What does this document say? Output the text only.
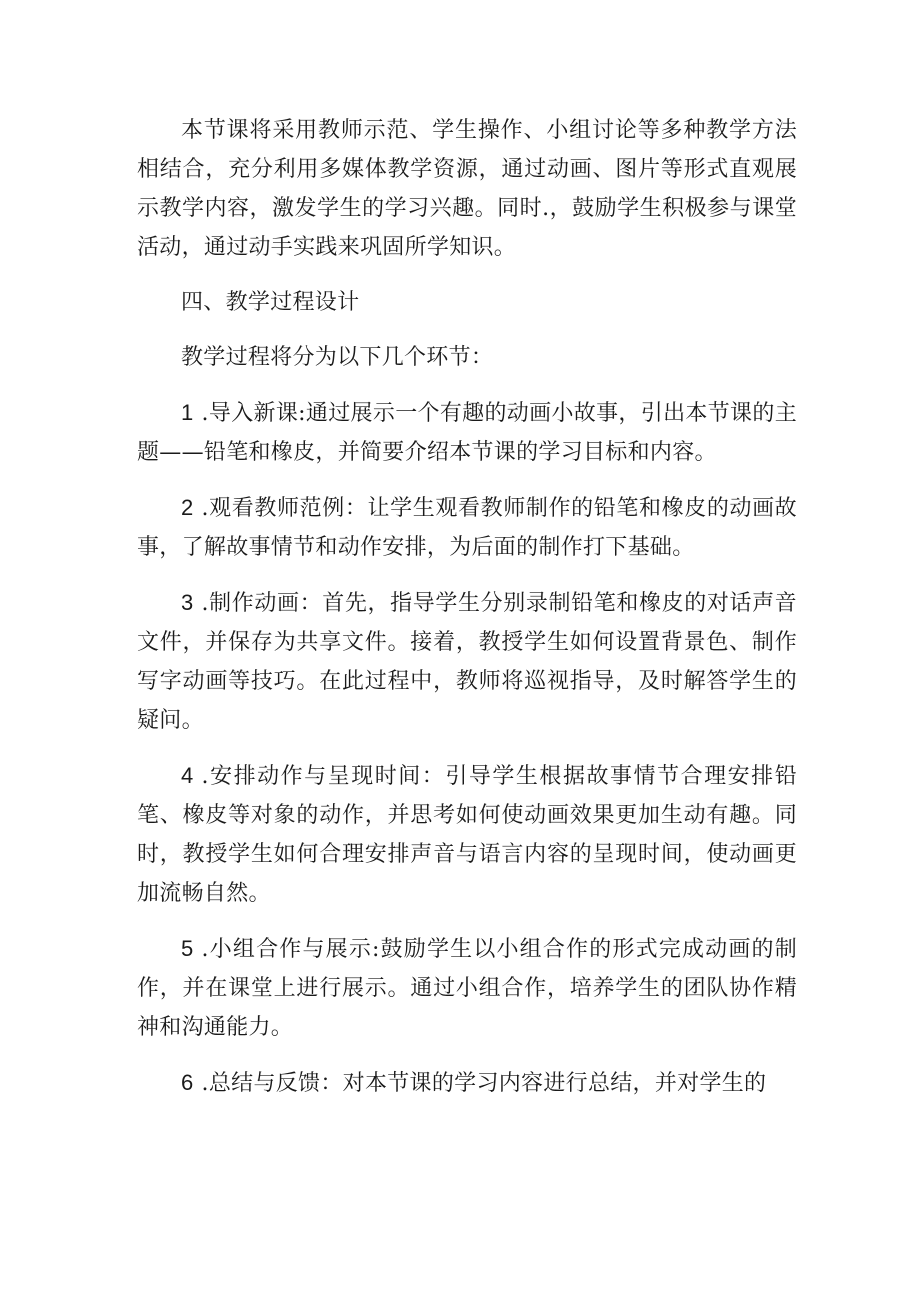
本节课将采用教师示范、学生操作、小组讨论等多种教学方法相结合，充分利用多媒体教学资源，通过动画、图片等形式直观展示教学内容，激发学生的学习兴趣。同时.，鼓励学生积极参与课堂活动，通过动手实践来巩固所学知识。

四、教学过程设计

教学过程将分为以下几个环节：

1 .导入新课:通过展示一个有趣的动画小故事，引出本节课的主题——铅笔和橡皮，并简要介绍本节课的学习目标和内容。

2 .观看教师范例：让学生观看教师制作的铅笔和橡皮的动画故事，了解故事情节和动作安排，为后面的制作打下基础。

3 .制作动画：首先，指导学生分别录制铅笔和橡皮的对话声音文件，并保存为共享文件。接着，教授学生如何设置背景色、制作写字动画等技巧。在此过程中，教师将巡视指导，及时解答学生的疑问。

4 .安排动作与呈现时间：引导学生根据故事情节合理安排铅笔、橡皮等对象的动作，并思考如何使动画效果更加生动有趣。同时，教授学生如何合理安排声音与语言内容的呈现时间，使动画更加流畅自然。

5 .小组合作与展示:鼓励学生以小组合作的形式完成动画的制作，并在课堂上进行展示。通过小组合作，培养学生的团队协作精神和沟通能力。

6 .总结与反馈：对本节课的学习内容进行总结，并对学生的
